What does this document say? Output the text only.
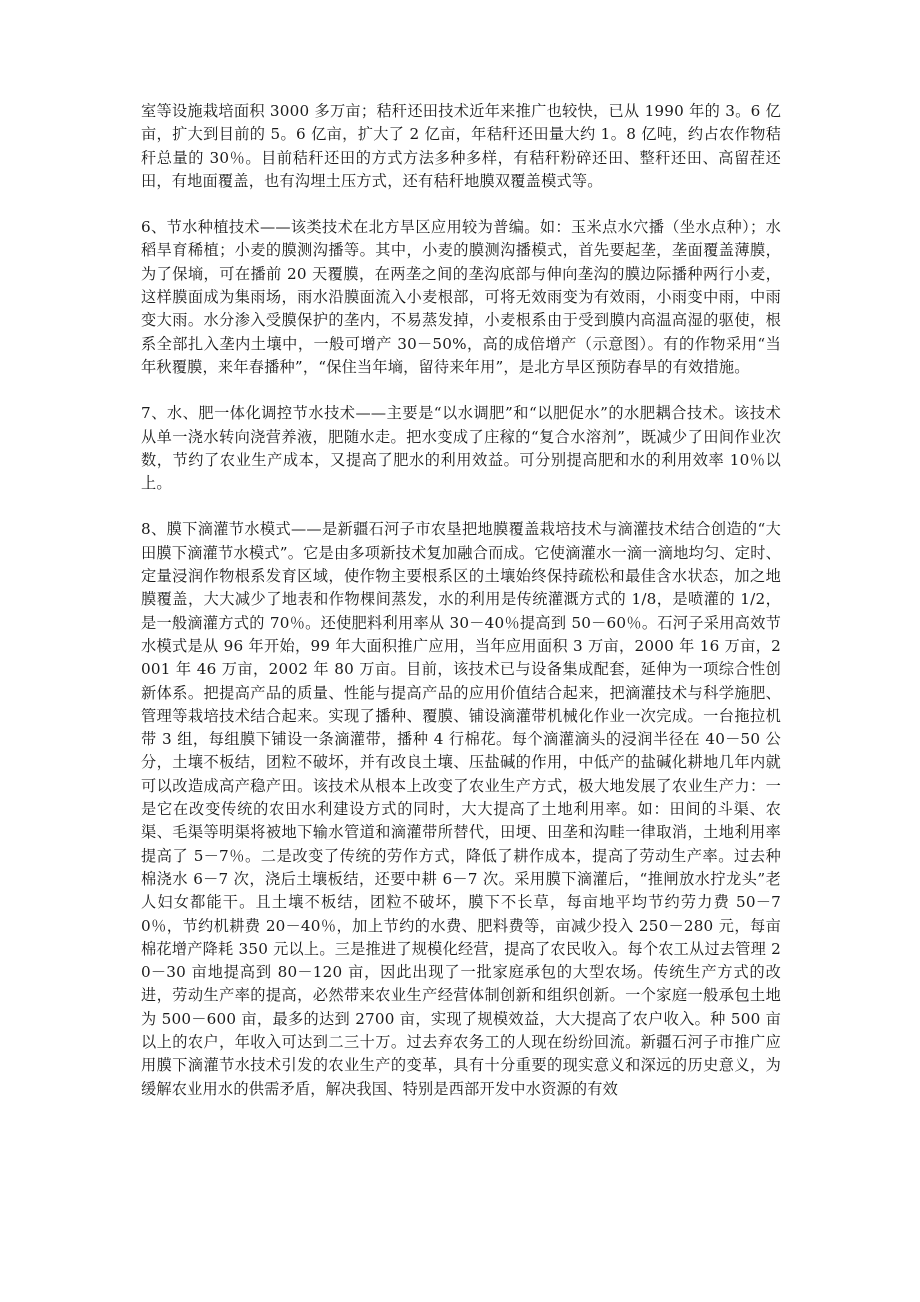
室等设施栽培面积 3000 多万亩；秸秆还田技术近年来推广也较快，已从 1990 年的 3。6 亿亩，扩大到目前的 5。6 亿亩，扩大了 2 亿亩，年秸秆还田量大约 1。8 亿吨，约占农作物秸秆总量的 30％。目前秸秆还田的方式方法多种多样，有秸秆粉碎还田、整秆还田、高留茬还田，有地面覆盖，也有沟埋土压方式，还有秸秆地膜双覆盖模式等。

6、节水种植技术——该类技术在北方旱区应用较为普编。如：玉米点水穴播（坐水点种）；水稻旱育稀植；小麦的膜测沟播等。其中，小麦的膜测沟播模式，首先要起垄，垄面覆盖薄膜，为了保墒，可在播前 20 天覆膜，在两垄之间的垄沟底部与伸向垄沟的膜边际播种两行小麦，这样膜面成为集雨场，雨水沿膜面流入小麦根部，可将无效雨变为有效雨，小雨变中雨，中雨变大雨。水分渗入受膜保护的垄内，不易蒸发掉，小麦根系由于受到膜内高温高湿的驱使，根系全部扎入垄内土壤中，一般可增产 30－50%，高的成倍增产（示意图）。有的作物采用“当年秋覆膜，来年春播种”，“保住当年墒，留待来年用”，是北方旱区预防春旱的有效措施。

7、水、肥一体化调控节水技术——主要是“以水调肥”和“以肥促水”的水肥耦合技术。该技术从单一浇水转向浇营养液，肥随水走。把水变成了庄稼的“复合水溶剂”，既减少了田间作业次数，节约了农业生产成本，又提高了肥水的利用效益。可分别提高肥和水的利用效率 10％以上。

8、膜下滴灌节水模式——是新疆石河子市农垦把地膜覆盖栽培技术与滴灌技术结合创造的“大田膜下滴灌节水模式”。它是由多项新技术复加融合而成。它使滴灌水一滴一滴地均匀、定时、定量浸润作物根系发育区域，使作物主要根系区的土壤始终保持疏松和最佳含水状态，加之地膜覆盖，大大减少了地表和作物棵间蒸发，水的利用是传统灌溉方式的 1/8，是喷灌的 1/2，是一般滴灌方式的 70％。还使肥料利用率从 30－40％提高到 50－60％。石河子采用高效节水模式是从 96 年开始，99 年大面积推广应用，当年应用面积 3 万亩，2000 年 16 万亩，2001 年 46 万亩，2002 年 80 万亩。目前，该技术已与设备集成配套，延伸为一项综合性创新体系。把提高产品的质量、性能与提高产品的应用价值结合起来，把滴灌技术与科学施肥、管理等栽培技术结合起来。实现了播种、覆膜、铺设滴灌带机械化作业一次完成。一台拖拉机带 3 组，每组膜下铺设一条滴灌带，播种 4 行棉花。每个滴灌滴头的浸润半径在 40－50 公分，土壤不板结，团粒不破坏，并有改良土壤、压盐碱的作用，中低产的盐碱化耕地几年内就可以改造成高产稳产田。该技术从根本上改变了农业生产方式，极大地发展了农业生产力：一是它在改变传统的农田水利建设方式的同时，大大提高了土地利用率。如：田间的斗渠、农渠、毛渠等明渠将被地下输水管道和滴灌带所替代，田埂、田垄和沟畦一律取消，土地利用率提高了 5－7％。二是改变了传统的劳作方式，降低了耕作成本，提高了劳动生产率。过去种棉浇水 6－7 次，浇后土壤板结，还要中耕 6－7 次。采用膜下滴灌后，“推闸放水拧龙头”老人妇女都能干。且土壤不板结，团粒不破坏，膜下不长草，每亩地平均节约劳力费 50－70％，节约机耕费 20－40％，加上节约的水费、肥料费等，亩减少投入 250－280 元，每亩棉花增产降耗 350 元以上。三是推进了规模化经营，提高了农民收入。每个农工从过去管理 20－30 亩地提高到 80－120 亩，因此出现了一批家庭承包的大型农场。传统生产方式的改进，劳动生产率的提高，必然带来农业生产经营体制创新和组织创新。一个家庭一般承包土地为 500－600 亩，最多的达到 2700 亩，实现了规模效益，大大提高了农户收入。种 500 亩以上的农户，年收入可达到二三十万。过去弃农务工的人现在纷纷回流。新疆石河子市推广应用膜下滴灌节水技术引发的农业生产的变革，具有十分重要的现实意义和深远的历史意义，为缓解农业用水的供需矛盾，解决我国、特别是西部开发中水资源的有效
